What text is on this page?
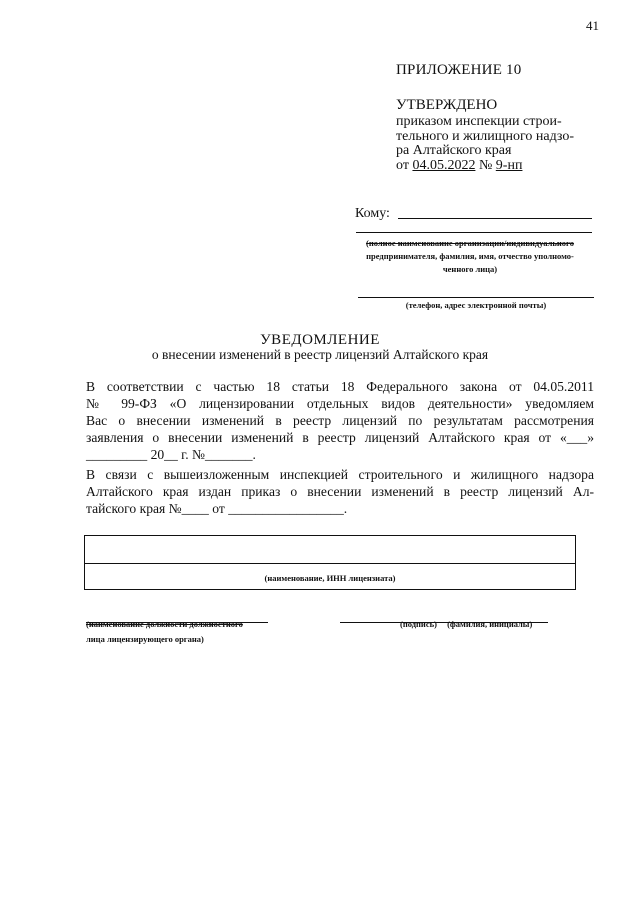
41
ПРИЛОЖЕНИЕ 10
УТВЕРЖДЕНО
приказом инспекции строи-
тельного и жилищного надзо-
ра Алтайского края
от 04.05.2022 № 9-нп
Кому:
(полное наименование организации/индивидуального
предпринимателя, фамилия, имя, отчество уполномо-
ченного лица)
(телефон, адрес электронной почты)
УВЕДОМЛЕНИЕ
о внесении изменений в реестр лицензий Алтайского края
В соответствии с частью 18 статьи 18 Федерального закона от 04.05.2011
№ 99-ФЗ «О лицензировании отдельных видов деятельности» уведомляем
Вас о внесении изменений в реестр лицензий по результатам рассмотрения
заявления о внесении изменений в реестр лицензий Алтайского края от «___»
_________ 20__ г. №_______.
В связи с вышеизложенным инспекцией строительного и жилищного надзора
Алтайского края издан приказ о внесении изменений в реестр лицензий Ал-
тайского края №____ от _________________.
(наименование, ИНН лицензиата)
(наименование должности должностного
лица лицензирующего органа)
(подпись) (фамилия, инициалы)
